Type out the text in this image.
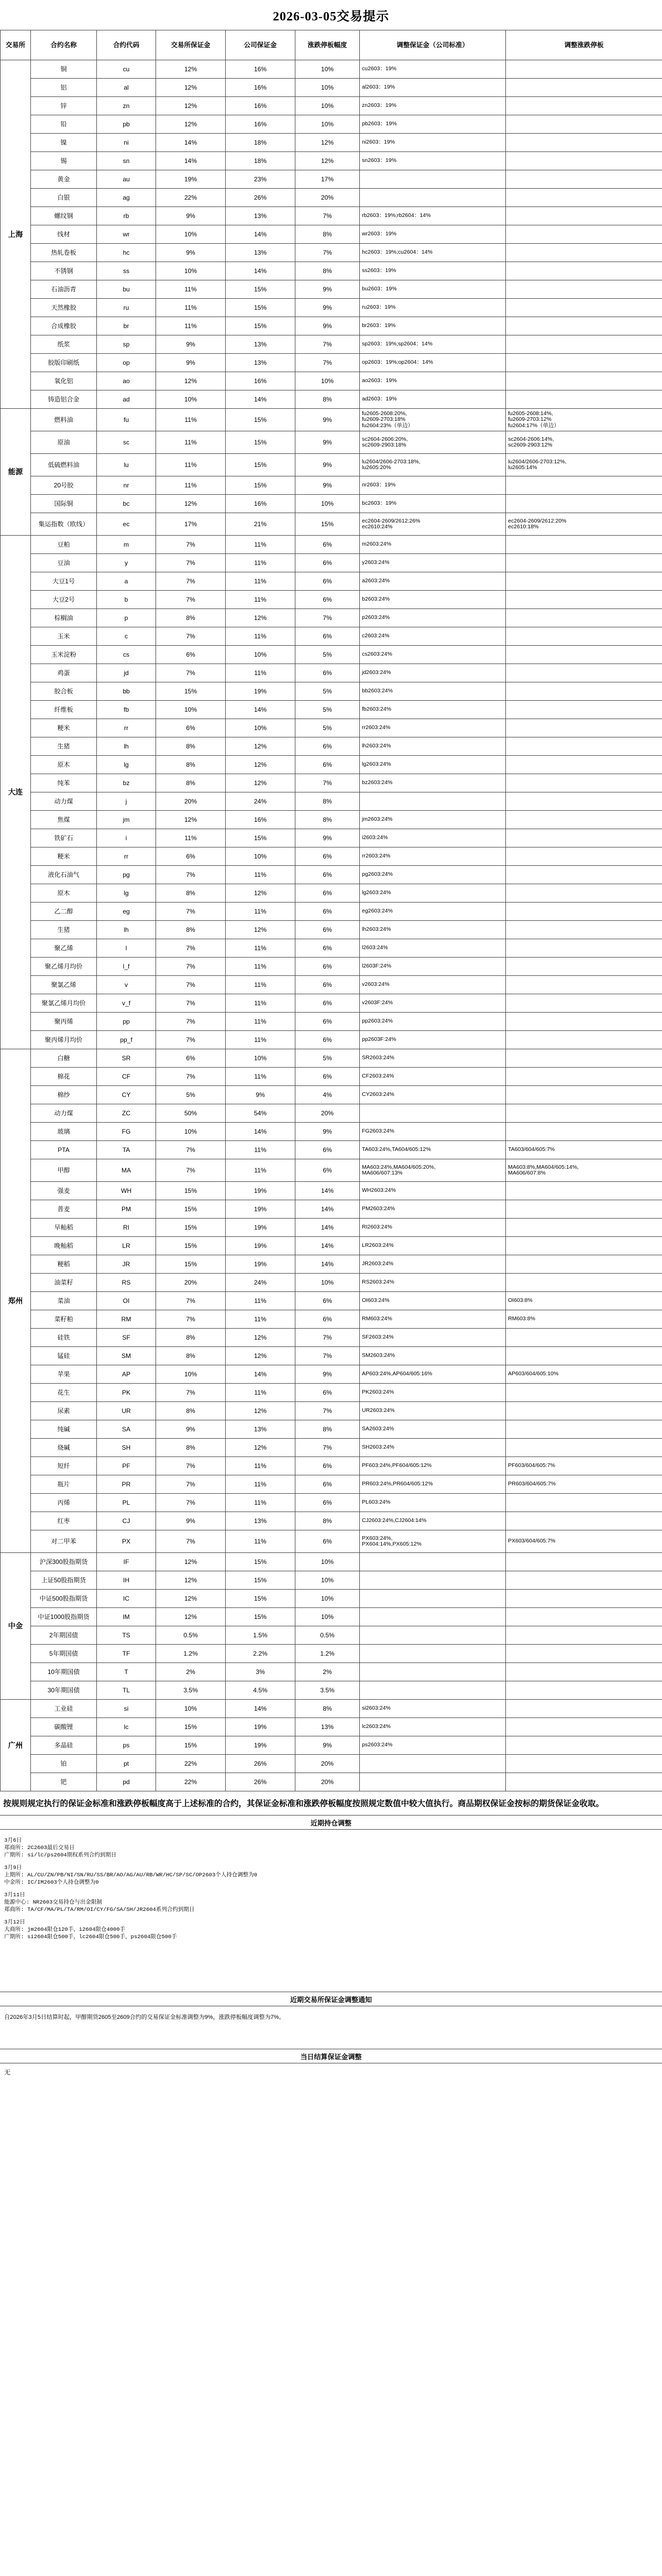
2026-03-05交易提示
交易所	合约名称	合约代码	交易所保证金	公司保证金	涨跌停板幅度	调整保证金（公司标准）	调整涨跌停板
上海	铜	cu	12%	16%	10%	cu2603：19%	
	铝	al	12%	16%	10%	al2603：19%	
	锌	zn	12%	16%	10%	zn2603：19%	
	铅	pb	12%	16%	10%	pb2603：19%	
	镍	ni	14%	18%	12%	ni2603：19%	
	锡	sn	14%	18%	12%	sn2603：19%	
	黄金	au	19%	23%	17%		
	白银	ag	22%	26%	20%		
	螺纹钢	rb	9%	13%	7%	rb2603：19%;rb2604：14%	
	线材	wr	10%	14%	8%	wr2603：19%	
	热轧卷板	hc	9%	13%	7%	hc2603：19%;cu2604：14%	
	不锈钢	ss	10%	14%	8%	ss2603：19%	
	石油沥青	bu	11%	15%	9%	bu2603：19%	
	天然橡胶	ru	11%	15%	9%	ru2603：19%	
	合成橡胶	br	11%	15%	9%	br2603：19%	
	纸浆	sp	9%	13%	7%	sp2603：19%;sp2604：14%	
	胶版印刷纸	op	9%	13%	7%	op2603：19%;op2604：14%	
	氧化铝	ao	12%	16%	10%	ao2603：19%	
	铸造铝合金	ad	10%	14%	8%	ad2603：19%	
能源	燃料油	fu	11%	15%	9%	fu2605-2608:20%,
fu2609-2703:18%
fu2604:23%（单边）	fu2605-2608:14%,
fu2609-2703:12%
fu2604:17%（单边）
	原油	sc	11%	15%	9%	sc2604-2606:20%,
sc2609-2903:18%	sc2604-2606:14%,
sc2609-2903:12%
	低硫燃料油	lu	11%	15%	9%	lu2604/2606-2703:18%,
lu2605:20%	lu2604/2606-2703:12%,
lu2605:14%
	20号胶	nr	11%	15%	9%	nr2603：19%	
	国际铜	bc	12%	16%	10%	bc2603：19%	
	集运指数（欧线）	ec	17%	21%	15%	ec2604-2609/2612:26%
ec2610:24%	ec2604-2609/2612:20%
ec2610:18%
大连	豆粕	m	7%	11%	6%	m2603:24%	
	豆油	y	7%	11%	6%	y2603:24%	
	大豆1号	a	7%	11%	6%	a2603:24%	
	大豆2号	b	7%	11%	6%	b2603:24%	
	棕榈油	p	8%	12%	7%	p2603:24%	
	玉米	c	7%	11%	6%	c2603:24%	
	玉米淀粉	cs	6%	10%	5%	cs2603:24%	
	鸡蛋	jd	7%	11%	6%	jd2603:24%	
	胶合板	bb	15%	19%	5%	bb2603:24%	
	纤维板	fb	10%	14%	5%	fb2603:24%	
	粳米	rr	6%	10%	5%	rr2603:24%	
	生猪	lh	8%	12%	6%	lh2603:24%	
	原木	lg	8%	12%	6%	lg2603:24%	
	纯苯	bz	8%	12%	7%	bz2603:24%	
	动力煤	j	20%	24%	8%		
	焦煤	jm	12%	16%	8%	jm2603:24%	
	铁矿石	i	11%	15%	9%	i2603:24%	
	粳米	rr	6%	10%	6%	rr2603:24%	
	液化石油气	pg	7%	11%	6%	pg2603:24%	
	原木	lg	8%	12%	6%	lg2603:24%	
	乙二醇	eg	7%	11%	6%	eg2603:24%	
	生猪	lh	8%	12%	6%	lh2603:24%	
	聚乙烯	l	7%	11%	6%	l2603:24%	
	聚乙烯月均价	l_f	7%	11%	6%	l2603F:24%	
	聚氯乙烯	v	7%	11%	6%	v2603:24%	
	聚氯乙烯月均价	v_f	7%	11%	6%	v2603F:24%	
	聚丙烯	pp	7%	11%	6%	pp2603:24%	
	聚丙烯月均价	pp_f	7%	11%	6%	pp2603F:24%	
郑州	白糖	SR	6%	10%	5%	SR2603:24%	
	棉花	CF	7%	11%	6%	CF2603:24%	
	棉纱	CY	5%	9%	4%	CY2603:24%	
	动力煤	ZC	50%	54%	20%		
	玻璃	FG	10%	14%	9%	FG2603:24%	
	PTA	TA	7%	11%	6%	TA603:24%,TA604/605:12%	TA603/604/605:7%
	甲醇	MA	7%	11%	6%	MA603:24%,MA604/605:20%,
MA606/607:13%	MA603:8%,MA604/605:14%,
MA606/607:8%
	强麦	WH	15%	19%	14%	WH2603:24%	
	普麦	PM	15%	19%	14%	PM2603:24%	
	早籼稻	RI	15%	19%	14%	RI2603:24%	
	晚籼稻	LR	15%	19%	14%	LR2603:24%	
	粳稻	JR	15%	19%	14%	JR2603:24%	
	油菜籽	RS	20%	24%	10%	RS2603:24%	
	菜油	OI	7%	11%	6%	OI603:24%	OI603:8%
	菜籽粕	RM	7%	11%	6%	RM603:24%	RM603:8%
	硅铁	SF	8%	12%	7%	SF2603:24%	
	锰硅	SM	8%	12%	7%	SM2603:24%	
	苹果	AP	10%	14%	9%	AP603:24%,AP604/605:16%	AP603/604/605:10%
	花生	PK	7%	11%	6%	PK2603:24%	
	尿素	UR	8%	12%	7%	UR2603:24%	
	纯碱	SA	9%	13%	8%	SA2603:24%	
	烧碱	SH	8%	12%	7%	SH2603:24%	
	短纤	PF	7%	11%	6%	PF603:24%,PF604/605:12%	PF603/604/605:7%
	瓶片	PR	7%	11%	6%	PR603:24%,PR604/605:12%	PR603/604/605:7%
	丙烯	PL	7%	11%	6%	PL603:24%	
	红枣	CJ	9%	13%	8%	CJ2603:24%,CJ2604:14%	
	对二甲苯	PX	7%	11%	6%	PX603:24%,
PX604:14%,PX605:12%	PX603/604/605:7%
中金	沪深300股指期货	IF	12%	15%	10%		
	上证50股指期货	IH	12%	15%	10%		
	中证500股指期货	IC	12%	15%	10%		
	中证1000股指期货	IM	12%	15%	10%		
	2年期国债	TS	0.5%	1.5%	0.5%		
	5年期国债	TF	1.2%	2.2%	1.2%		
	10年期国债	T	2%	3%	2%		
	30年期国债	TL	3.5%	4.5%	3.5%		
广州	工业硅	si	10%	14%	8%	si2603:24%	
	碳酸锂	lc	15%	19%	13%	lc2603:24%	
	多晶硅	ps	15%	19%	9%	ps2603:24%	
	铂	pt	22%	26%	20%		
	钯	pd	22%	26%	20%		
按规则规定执行的保证金标准和涨跌停板幅度高于上述标准的合约，其保证金标准和涨跌停板幅度按照规定数值中较大值执行。商品期权保证金按标的期货保证金收取。
近期持仓调整
3月6日
郑商所: 2C2603最后交易日
广期所: si/lc/ps2604期权系列合约到期日
3月9日
上期所: AL/CU/ZN/PB/NI/SN/RU/SS/BR/AO/AG/AU/RB/WR/HC/SP/SC/OP2603个人持仓调整为0
中金所: IC/IM2603个人持仓调整为0
3月11日
能源中心: NR2603交易持仓与出金限制
郑商所: TA/CF/MA/PL/TA/RM/OI/CY/FG/SA/SH/JR2604系列合约到期日
3月12日
大商所: jm2604限仓120手，i2604限仓4000手
广期所: si2604限仓500手，lc2604限仓500手，ps2604限仓500手
近期交易所保证金调整通知
自2026年3月5日结算时起，甲醇期货2605至2609合约的交易保证金标准调整为9%，涨跌停板幅度调整为7%。
当日结算保证金调整
无
